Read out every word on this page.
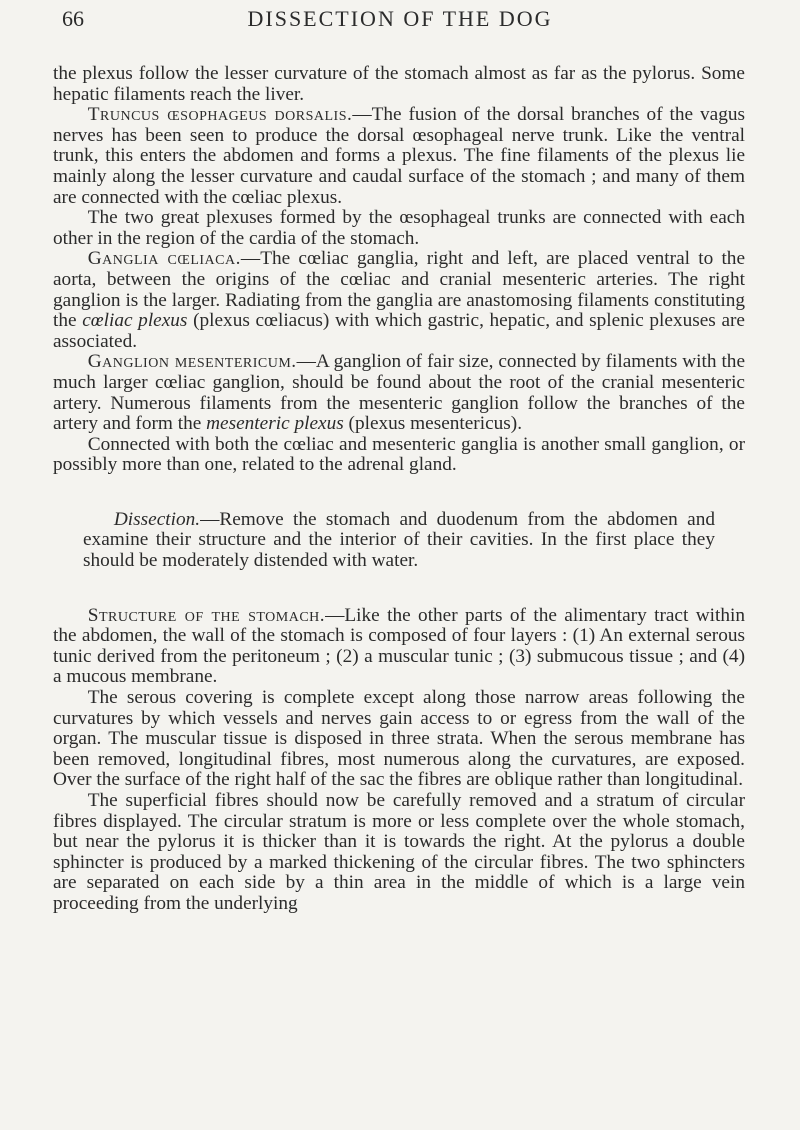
66	DISSECTION OF THE DOG

the plexus follow the lesser curvature of the stomach almost as far as the pylorus. Some hepatic filaments reach the liver.

Truncus œsophageus dorsalis.—The fusion of the dorsal branches of the vagus nerves has been seen to produce the dorsal œsophageal nerve trunk. Like the ventral trunk, this enters the abdomen and forms a plexus. The fine filaments of the plexus lie mainly along the lesser curvature and caudal surface of the stomach ; and many of them are connected with the cœliac plexus.

The two great plexuses formed by the œsophageal trunks are connected with each other in the region of the cardia of the stomach.

Ganglia cœliaca.—The cœliac ganglia, right and left, are placed ventral to the aorta, between the origins of the cœliac and cranial mesenteric arteries. The right ganglion is the larger. Radiating from the ganglia are anastomosing filaments constituting the cœliac plexus (plexus cœliacus) with which gastric, hepatic, and splenic plexuses are associated.

Ganglion mesentericum.—A ganglion of fair size, connected by filaments with the much larger cœliac ganglion, should be found about the root of the cranial mesenteric artery. Numerous filaments from the mesenteric ganglion follow the branches of the artery and form the mesenteric plexus (plexus mesentericus).

Connected with both the cœliac and mesenteric ganglia is another small ganglion, or possibly more than one, related to the adrenal gland.

Dissection.—Remove the stomach and duodenum from the abdomen and examine their structure and the interior of their cavities. In the first place they should be moderately distended with water.

Structure of the stomach.—Like the other parts of the alimentary tract within the abdomen, the wall of the stomach is composed of four layers : (1) An external serous tunic derived from the peritoneum ; (2) a muscular tunic ; (3) submucous tissue ; and (4) a mucous membrane.

The serous covering is complete except along those narrow areas following the curvatures by which vessels and nerves gain access to or egress from the wall of the organ. The muscular tissue is disposed in three strata. When the serous membrane has been removed, longitudinal fibres, most numerous along the curvatures, are exposed. Over the surface of the right half of the sac the fibres are oblique rather than longitudinal.

The superficial fibres should now be carefully removed and a stratum of circular fibres displayed. The circular stratum is more or less complete over the whole stomach, but near the pylorus it is thicker than it is towards the right. At the pylorus a double sphincter is produced by a marked thickening of the circular fibres. The two sphincters are separated on each side by a thin area in the middle of which is a large vein proceeding from the underlying
